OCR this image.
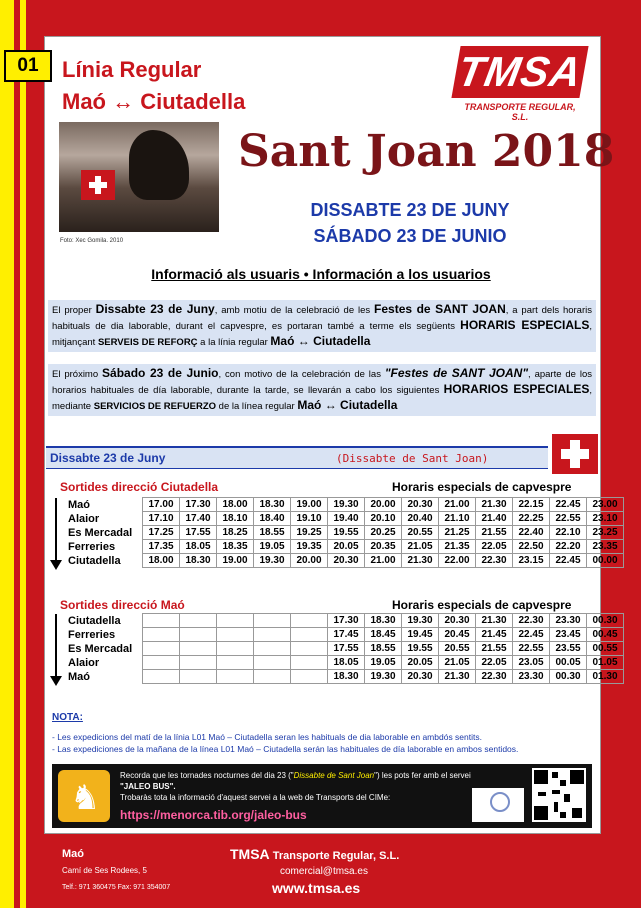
01	Línia Regular
Maó ↔ Ciutadella
TMSA
TRANSPORTE REGULAR, S.L.
Foto: Xec Gomila. 2010
Sant Joan 2018
DISSABTE 23 DE JUNY
SÁBADO 23 DE JUNIO
Informació als usuaris • Información a los usuarios
El proper Dissabte 23 de Juny, amb motiu de la celebració de les Festes de SANT JOAN, a part dels horaris habituals de dia laborable, durant el capvespre, es portaran també a terme els següents HORARIS ESPECIALS, mitjançant SERVEIS DE REFORÇ a la línia regular Maó ↔ Ciutadella
El próximo Sábado 23 de Junio, con motivo de la celebración de las "Festes de SANT JOAN", aparte de los horarios habituales de día laborable, durante la tarde, se llevarán a cabo los siguientes HORARIOS ESPECIALES, mediante SERVICIOS DE REFUERZO de la línea regular Maó ↔ Ciutadella
Dissabte 23 de Juny	(Dissabte de Sant Joan)
Sortides direcció Ciutadella	Horaris especials de capvespre
Maó	17.00	17.30	18.00	18.30	19.00	19.30	20.00	20.30	21.00	21.30	22.15	22.45	23.00
Alaior	17.10	17.40	18.10	18.40	19.10	19.40	20.10	20.40	21.10	21.40	22.25	22.55	23.10
Es Mercadal	17.25	17.55	18.25	18.55	19.25	19.55	20.25	20.55	21.25	21.55	22.40	22.10	23.25
Ferreries	17.35	18.05	18.35	19.05	19.35	20.05	20.35	21.05	21.35	22.05	22.50	22.20	23.35
Ciutadella	18.00	18.30	19.00	19.30	20.00	20.30	21.00	21.30	22.00	22.30	23.15	22.45	00.00
Sortides direcció Maó	Horaris especials de capvespre
Ciutadella						17.30	18.30	19.30	20.30	21.30	22.30	23.30	00.30
Ferreries						17.45	18.45	19.45	20.45	21.45	22.45	23.45	00.45
Es Mercadal						17.55	18.55	19.55	20.55	21.55	22.55	23.55	00.55
Alaior						18.05	19.05	20.05	21.05	22.05	23.05	00.05	01.05
Maó						18.30	19.30	20.30	21.30	22.30	23.30	00.30	01.30
NOTA:
- Les expedicions del matí de la línia L01 Maó – Ciutadella seran les habituals de dia laborable en ambdós sentits.
- Las expediciones de la mañana de la línea L01 Maó – Ciutadella serán las habituales de día laborable en ambos sentidos.
♞
Recorda que les tornades nocturnes del dia 23 ("Dissabte de Sant Joan") les pots fer amb el servei
"JALEO BUS".
Trobaràs tota la informació d'aquest servei a la web de Transports del CIMe:
https://menorca.tib.org/jaleo-bus
Maó
Camí de Ses Rodees, 5
Telf.: 971 360475 Fax: 971 354007
TMSA Transporte Regular, S.L.
comercial@tmsa.es
www.tmsa.es
